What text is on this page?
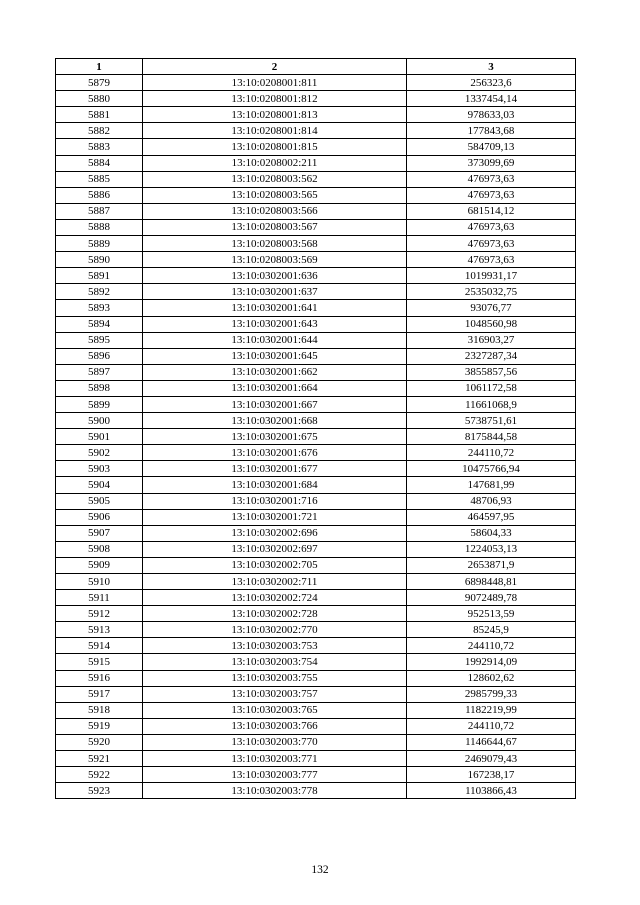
1	2	3
5879	13:10:0208001:811	256323,6
5880	13:10:0208001:812	1337454,14
5881	13:10:0208001:813	978633,03
5882	13:10:0208001:814	177843,68
5883	13:10:0208001:815	584709,13
5884	13:10:0208002:211	373099,69
5885	13:10:0208003:562	476973,63
5886	13:10:0208003:565	476973,63
5887	13:10:0208003:566	681514,12
5888	13:10:0208003:567	476973,63
5889	13:10:0208003:568	476973,63
5890	13:10:0208003:569	476973,63
5891	13:10:0302001:636	1019931,17
5892	13:10:0302001:637	2535032,75
5893	13:10:0302001:641	93076,77
5894	13:10:0302001:643	1048560,98
5895	13:10:0302001:644	316903,27
5896	13:10:0302001:645	2327287,34
5897	13:10:0302001:662	3855857,56
5898	13:10:0302001:664	1061172,58
5899	13:10:0302001:667	11661068,9
5900	13:10:0302001:668	5738751,61
5901	13:10:0302001:675	8175844,58
5902	13:10:0302001:676	244110,72
5903	13:10:0302001:677	10475766,94
5904	13:10:0302001:684	147681,99
5905	13:10:0302001:716	48706,93
5906	13:10:0302001:721	464597,95
5907	13:10:0302002:696	58604,33
5908	13:10:0302002:697	1224053,13
5909	13:10:0302002:705	2653871,9
5910	13:10:0302002:711	6898448,81
5911	13:10:0302002:724	9072489,78
5912	13:10:0302002:728	952513,59
5913	13:10:0302002:770	85245,9
5914	13:10:0302003:753	244110,72
5915	13:10:0302003:754	1992914,09
5916	13:10:0302003:755	128602,62
5917	13:10:0302003:757	2985799,33
5918	13:10:0302003:765	1182219,99
5919	13:10:0302003:766	244110,72
5920	13:10:0302003:770	1146644,67
5921	13:10:0302003:771	2469079,43
5922	13:10:0302003:777	167238,17
5923	13:10:0302003:778	1103866,43
132
